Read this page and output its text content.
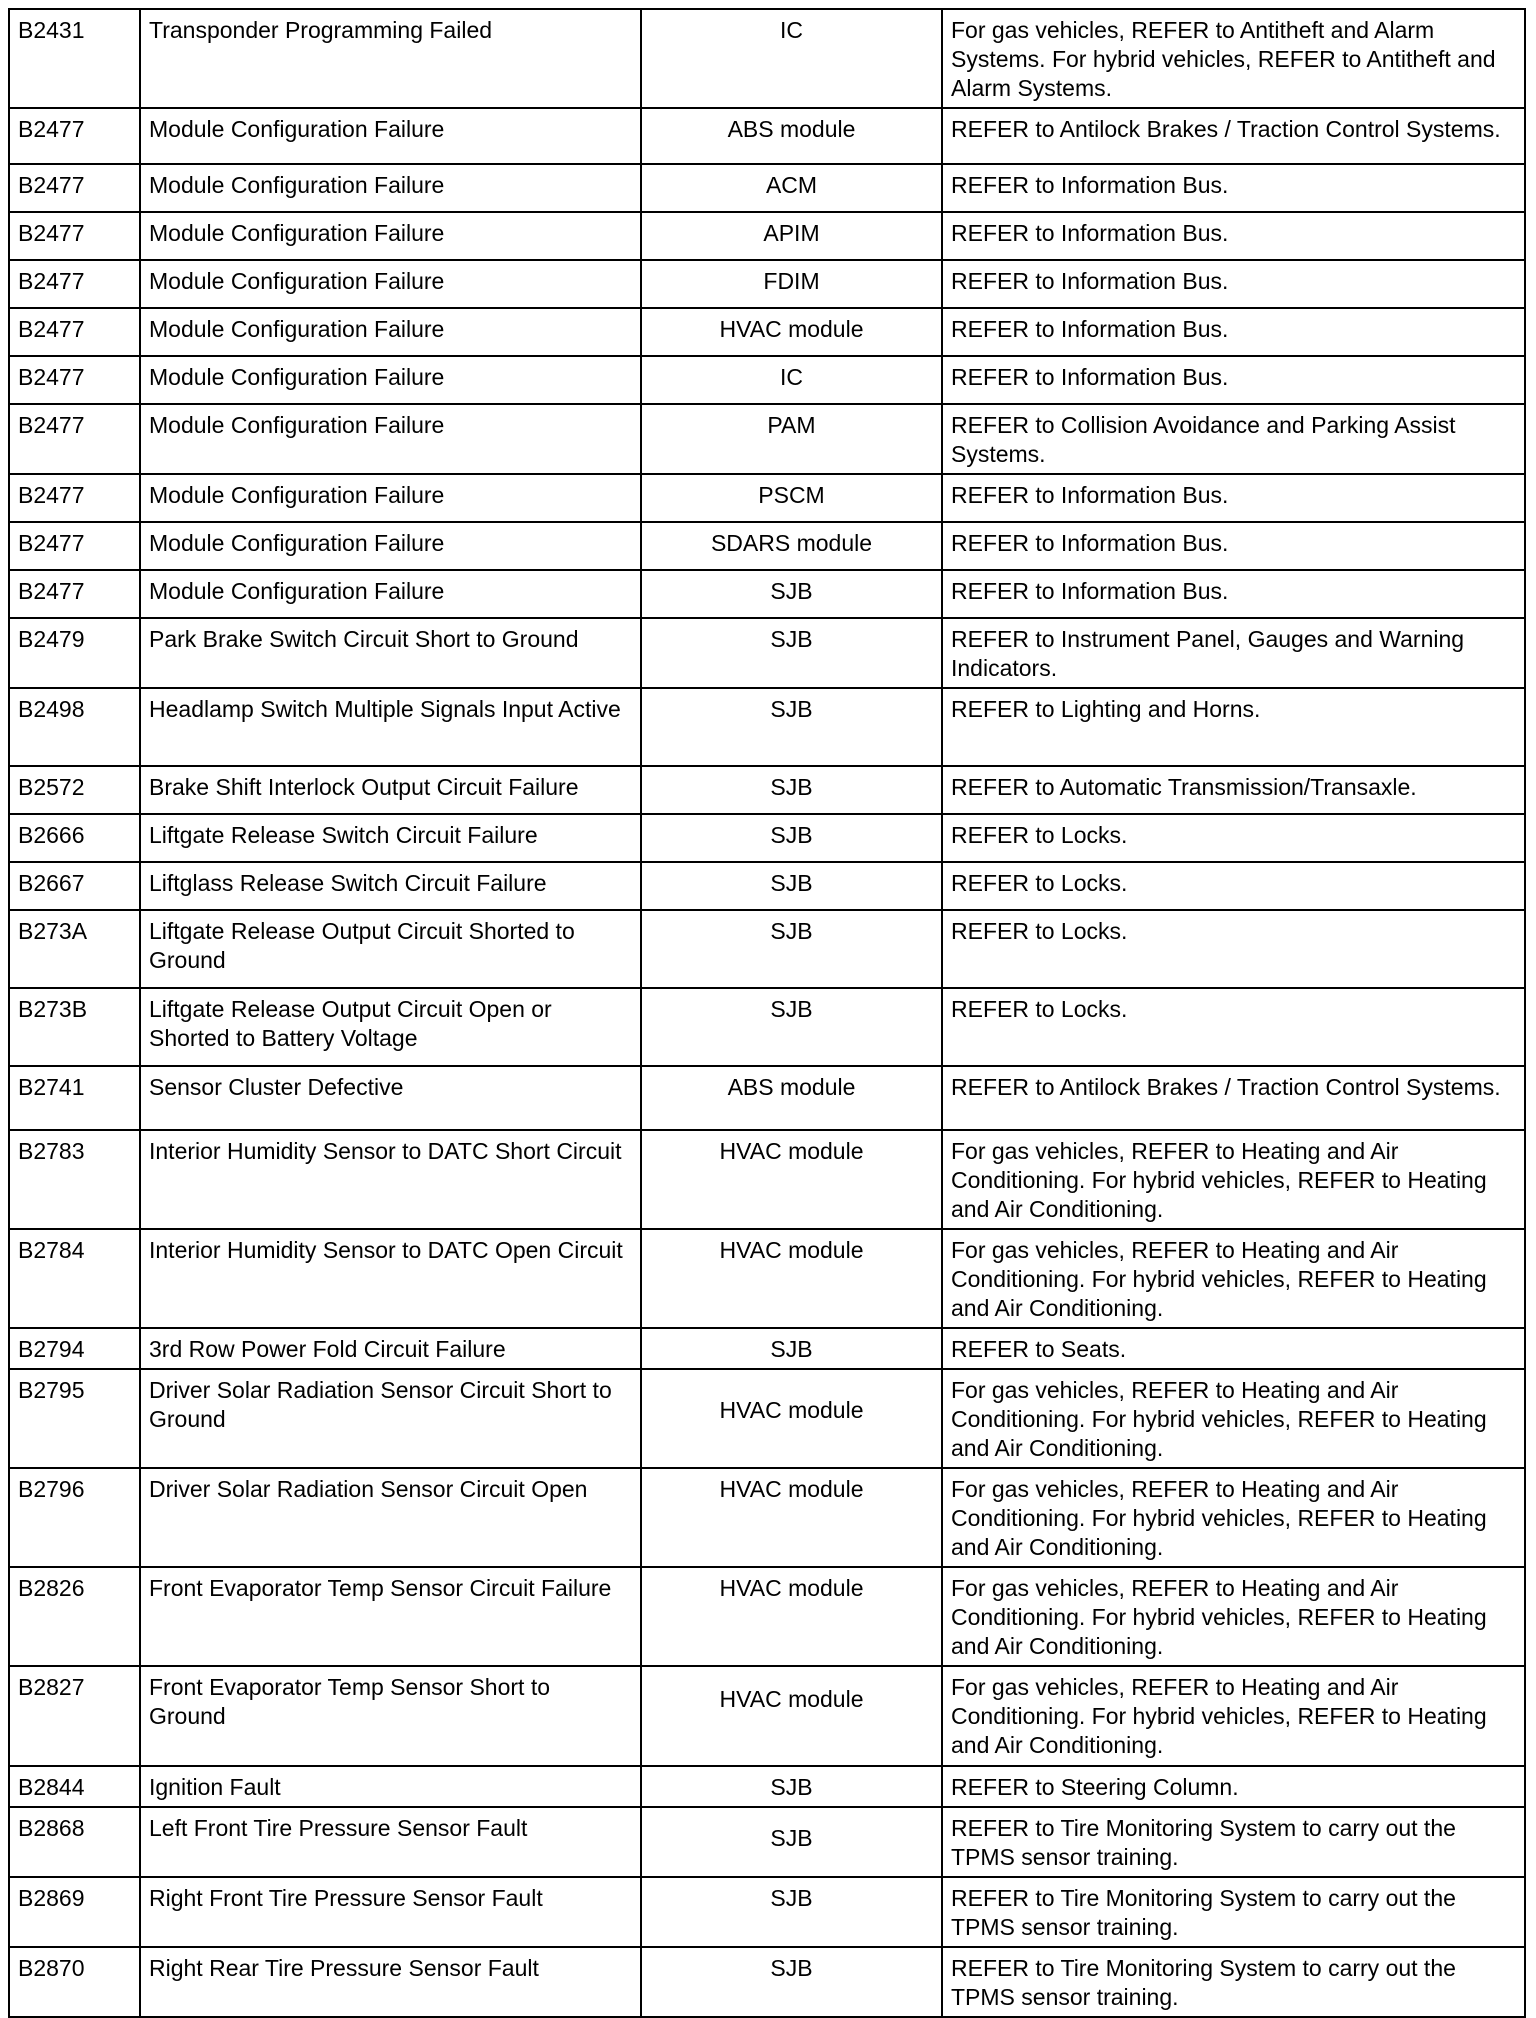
B2431	Transponder Programming Failed	IC	For gas vehicles, REFER to Antitheft and Alarm Systems. For hybrid vehicles, REFER to Antitheft and Alarm Systems.
B2477	Module Configuration Failure	ABS module	REFER to Antilock Brakes / Traction Control Systems.
B2477	Module Configuration Failure	ACM	REFER to Information Bus.
B2477	Module Configuration Failure	APIM	REFER to Information Bus.
B2477	Module Configuration Failure	FDIM	REFER to Information Bus.
B2477	Module Configuration Failure	HVAC module	REFER to Information Bus.
B2477	Module Configuration Failure	IC	REFER to Information Bus.
B2477	Module Configuration Failure	PAM	REFER to Collision Avoidance and Parking Assist Systems.
B2477	Module Configuration Failure	PSCM	REFER to Information Bus.
B2477	Module Configuration Failure	SDARS module	REFER to Information Bus.
B2477	Module Configuration Failure	SJB	REFER to Information Bus.
B2479	Park Brake Switch Circuit Short to Ground	SJB	REFER to Instrument Panel, Gauges and Warning Indicators.
B2498	Headlamp Switch Multiple Signals Input Active	SJB	REFER to Lighting and Horns.
B2572	Brake Shift Interlock Output Circuit Failure	SJB	REFER to Automatic Transmission/Transaxle.
B2666	Liftgate Release Switch Circuit Failure	SJB	REFER to Locks.
B2667	Liftglass Release Switch Circuit Failure	SJB	REFER to Locks.
B273A	Liftgate Release Output Circuit Shorted to Ground	SJB	REFER to Locks.
B273B	Liftgate Release Output Circuit Open or Shorted to Battery Voltage	SJB	REFER to Locks.
B2741	Sensor Cluster Defective	ABS module	REFER to Antilock Brakes / Traction Control Systems.
B2783	Interior Humidity Sensor to DATC Short Circuit	HVAC module	For gas vehicles, REFER to Heating and Air Conditioning. For hybrid vehicles, REFER to Heating and Air Conditioning.
B2784	Interior Humidity Sensor to DATC Open Circuit	HVAC module	For gas vehicles, REFER to Heating and Air Conditioning. For hybrid vehicles, REFER to Heating and Air Conditioning.
B2794	3rd Row Power Fold Circuit Failure	SJB	REFER to Seats.
B2795	Driver Solar Radiation Sensor Circuit Short to Ground	HVAC module	For gas vehicles, REFER to Heating and Air Conditioning. For hybrid vehicles, REFER to Heating and Air Conditioning.
B2796	Driver Solar Radiation Sensor Circuit Open	HVAC module	For gas vehicles, REFER to Heating and Air Conditioning. For hybrid vehicles, REFER to Heating and Air Conditioning.
B2826	Front Evaporator Temp Sensor Circuit Failure	HVAC module	For gas vehicles, REFER to Heating and Air Conditioning. For hybrid vehicles, REFER to Heating and Air Conditioning.
B2827	Front Evaporator Temp Sensor Short to Ground	HVAC module	For gas vehicles, REFER to Heating and Air Conditioning. For hybrid vehicles, REFER to Heating and Air Conditioning.
B2844	Ignition Fault	SJB	REFER to Steering Column.
B2868	Left Front Tire Pressure Sensor Fault	SJB	REFER to Tire Monitoring System to carry out the TPMS sensor training.
B2869	Right Front Tire Pressure Sensor Fault	SJB	REFER to Tire Monitoring System to carry out the TPMS sensor training.
B2870	Right Rear Tire Pressure Sensor Fault	SJB	REFER to Tire Monitoring System to carry out the TPMS sensor training.
